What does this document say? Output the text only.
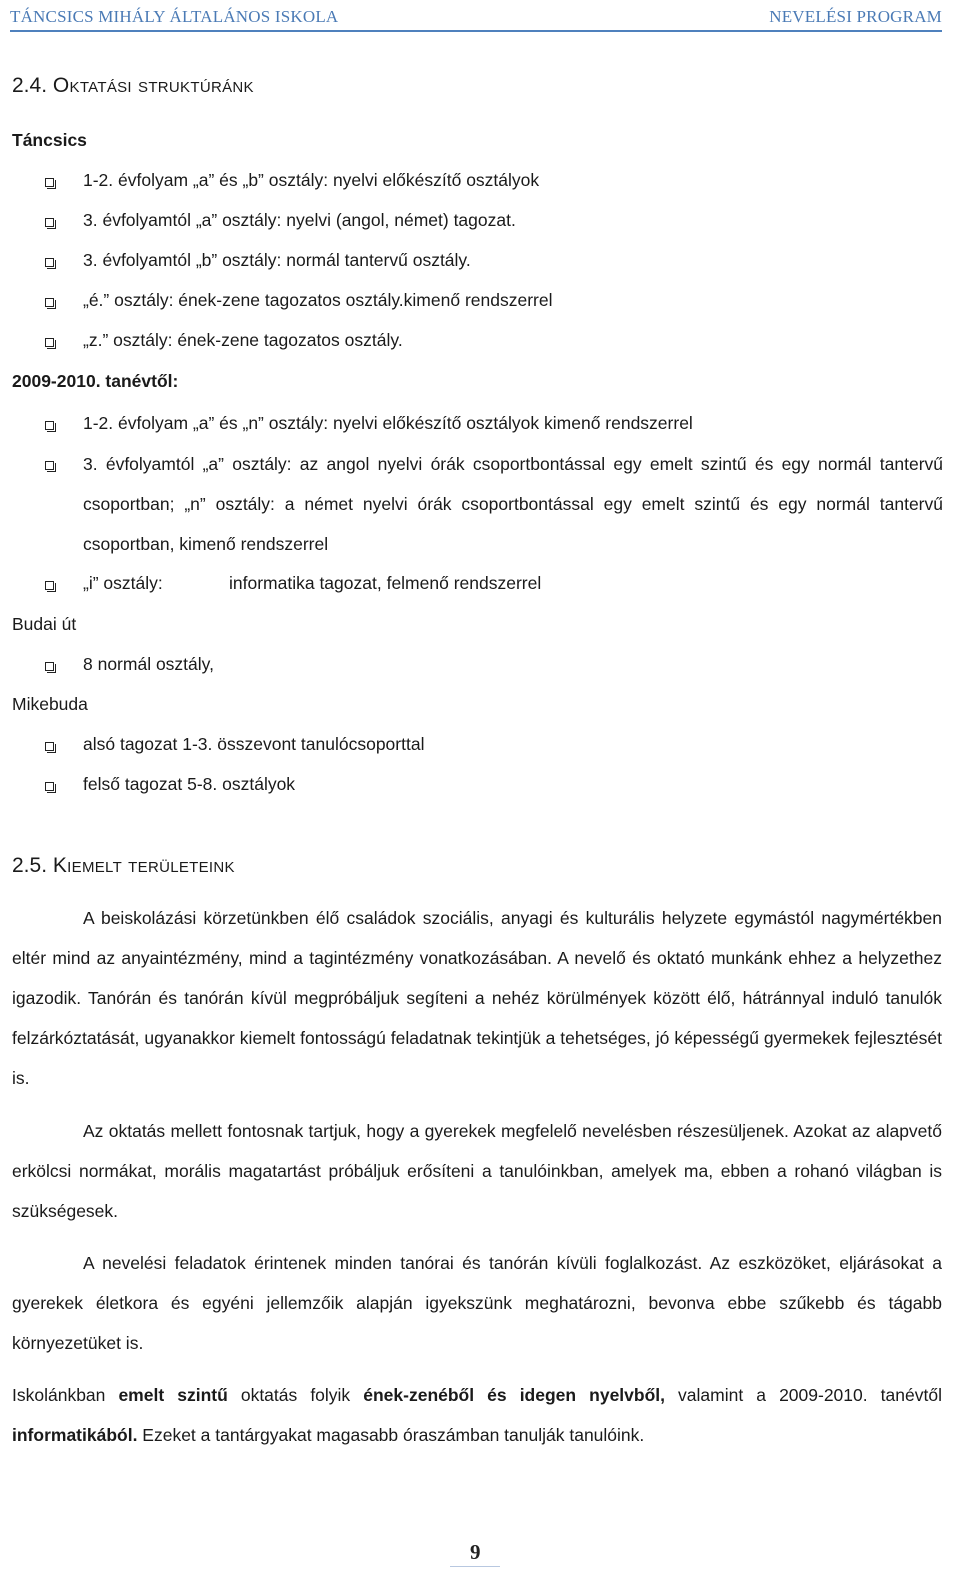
TÁNCSICS MIHÁLY ÁLTALÁNOS ISKOLA	NEVELÉSI PROGRAM
2.4. Oktatási struktúránk
Táncsics
1-2. évfolyam „a” és „b” osztály: nyelvi előkészítő osztályok
3. évfolyamtól „a” osztály: nyelvi (angol, német) tagozat.
3. évfolyamtól „b” osztály: normál tantervű osztály.
„é.” osztály: ének-zene tagozatos osztály.kimenő rendszerrel
„z.” osztály: ének-zene tagozatos osztály.
2009-2010. tanévtől:
1-2. évfolyam „a” és „n” osztály: nyelvi előkészítő osztályok kimenő rendszerrel
3. évfolyamtól „a” osztály: az angol nyelvi órák csoportbontással egy emelt szintű és egy normál tantervű csoportban; „n” osztály: a német nyelvi órák csoportbontással egy emelt szintű és egy normál tantervű csoportban, kimenő rendszerrel
„i” osztály:	informatika tagozat, felmenő rendszerrel
Budai út
8 normál osztály,
Mikebuda
alsó tagozat 1-3. összevont tanulócsoporttal
felső tagozat 5-8. osztályok
2.5. Kiemelt területeink
A beiskolázási körzetünkben élő családok szociális, anyagi és kulturális helyzete egymástól nagymértékben eltér mind az anyaintézmény, mind a tagintézmény vonatkozásában. A nevelő és oktató munkánk ehhez a helyzethez igazodik. Tanórán és tanórán kívül megpróbáljuk segíteni a nehéz körülmények között élő, hátránnyal induló tanulók felzárkóztatását, ugyanakkor kiemelt fontosságú feladatnak tekintjük a tehetséges, jó képességű gyermekek fejlesztését is.
Az oktatás mellett fontosnak tartjuk, hogy a gyerekek megfelelő nevelésben részesüljenek. Azokat az alapvető erkölcsi normákat, morális magatartást próbáljuk erősíteni a tanulóinkban, amelyek ma, ebben a rohanó világban is szükségesek.
A nevelési feladatok érintenek minden tanórai és tanórán kívüli foglalkozást. Az eszközöket, eljárásokat a gyerekek életkora és egyéni jellemzőik alapján igyekszünk meghatározni, bevonva ebbe szűkebb és tágabb környezetüket is.
Iskolánkban emelt szintű oktatás folyik ének-zenéből és idegen nyelvből, valamint a 2009-2010. tanévtől informatikából. Ezeket a tantárgyakat magasabb óraszámban tanulják tanulóink.
9
